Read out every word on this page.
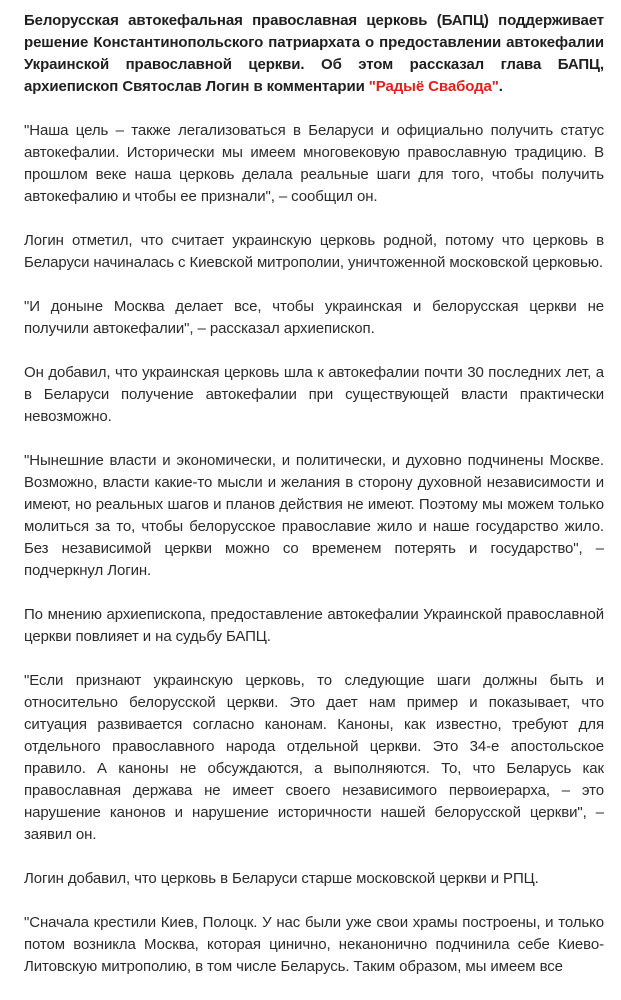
Белорусская автокефальная православная церковь (БАПЦ) поддерживает решение Константинопольского патриархата о предоставлении автокефалии Украинской православной церкви. Об этом рассказал глава БАПЦ, архиепископ Святослав Логин в комментарии "Радыё Свабода".

"Наша цель – также легализоваться в Беларуси и официально получить статус автокефалии. Исторически мы имеем многовековую православную традицию. В прошлом веке наша церковь делала реальные шаги для того, чтобы получить автокефалию и чтобы ее признали", – сообщил он.

Логин отметил, что считает украинскую церковь родной, потому что церковь в Беларуси начиналась с Киевской митрополии, уничтоженной московской церковью.

"И доныне Москва делает все, чтобы украинская и белорусская церкви не получили автокефалии", – рассказал архиепископ.

Он добавил, что украинская церковь шла к автокефалии почти 30 последних лет, а в Беларуси получение автокефалии при существующей власти практически невозможно.

"Нынешние власти и экономически, и политически, и духовно подчинены Москве. Возможно, власти какие-то мысли и желания в сторону духовной независимости и имеют, но реальных шагов и планов действия не имеют. Поэтому мы можем только молиться за то, чтобы белорусское православие жило и наше государство жило. Без независимой церкви можно со временем потерять и государство", – подчеркнул Логин.

По мнению архиепископа, предоставление автокефалии Украинской православной церкви повлияет и на судьбу БАПЦ.

"Если признают украинскую церковь, то следующие шаги должны быть и относительно белорусской церкви. Это дает нам пример и показывает, что ситуация развивается согласно канонам. Каноны, как известно, требуют для отдельного православного народа отдельной церкви. Это 34-е апостольское правило. А каноны не обсуждаются, а выполняются. То, что Беларусь как православная держава не имеет своего независимого первоиерарха, – это нарушение канонов и нарушение историчности нашей белорусской церкви", – заявил он.

Логин добавил, что церковь в Беларуси старше московской церкви и РПЦ.

"Сначала крестили Киев, Полоцк. У нас были уже свои храмы построены, и только потом возникла Москва, которая цинично, неканонично подчинила себе Киево-Литовскую митрополию, в том числе Беларусь. Таким образом, мы имеем все
